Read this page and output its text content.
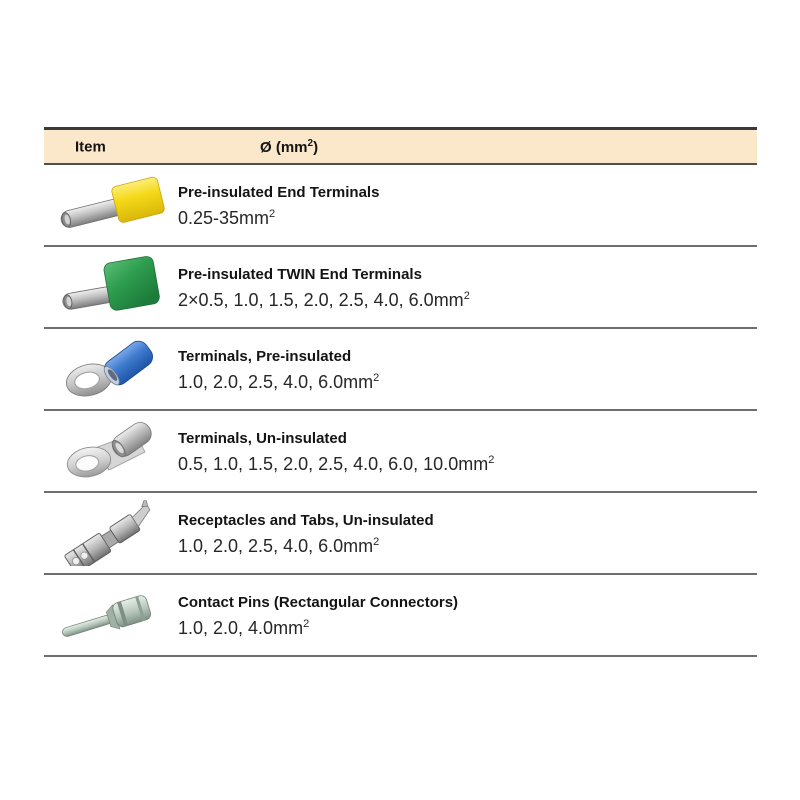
Item	Ø $(mm^2)$
Pre-insulated End Terminals
$0.25-35mm^2$
Pre-insulated TWIN End Terminals
2×0.5, 1.0, 1.5, 2.0, 2.5, 4.0, $6.0mm^2$
Terminals, Pre-insulated
1.0, 2.0, 2.5, 4.0, $6.0mm^2$
Terminals, Un-insulated
0.5, 1.0, 1.5, 2.0, 2.5, 4.0, 6.0, $10.0mm^2$
Receptacles and Tabs, Un-insulated
1.0, 2.0, 2.5, 4.0, $6.0mm^2$
Contact Pins (Rectangular Connectors)
1.0, 2.0, $4.0mm^2$
